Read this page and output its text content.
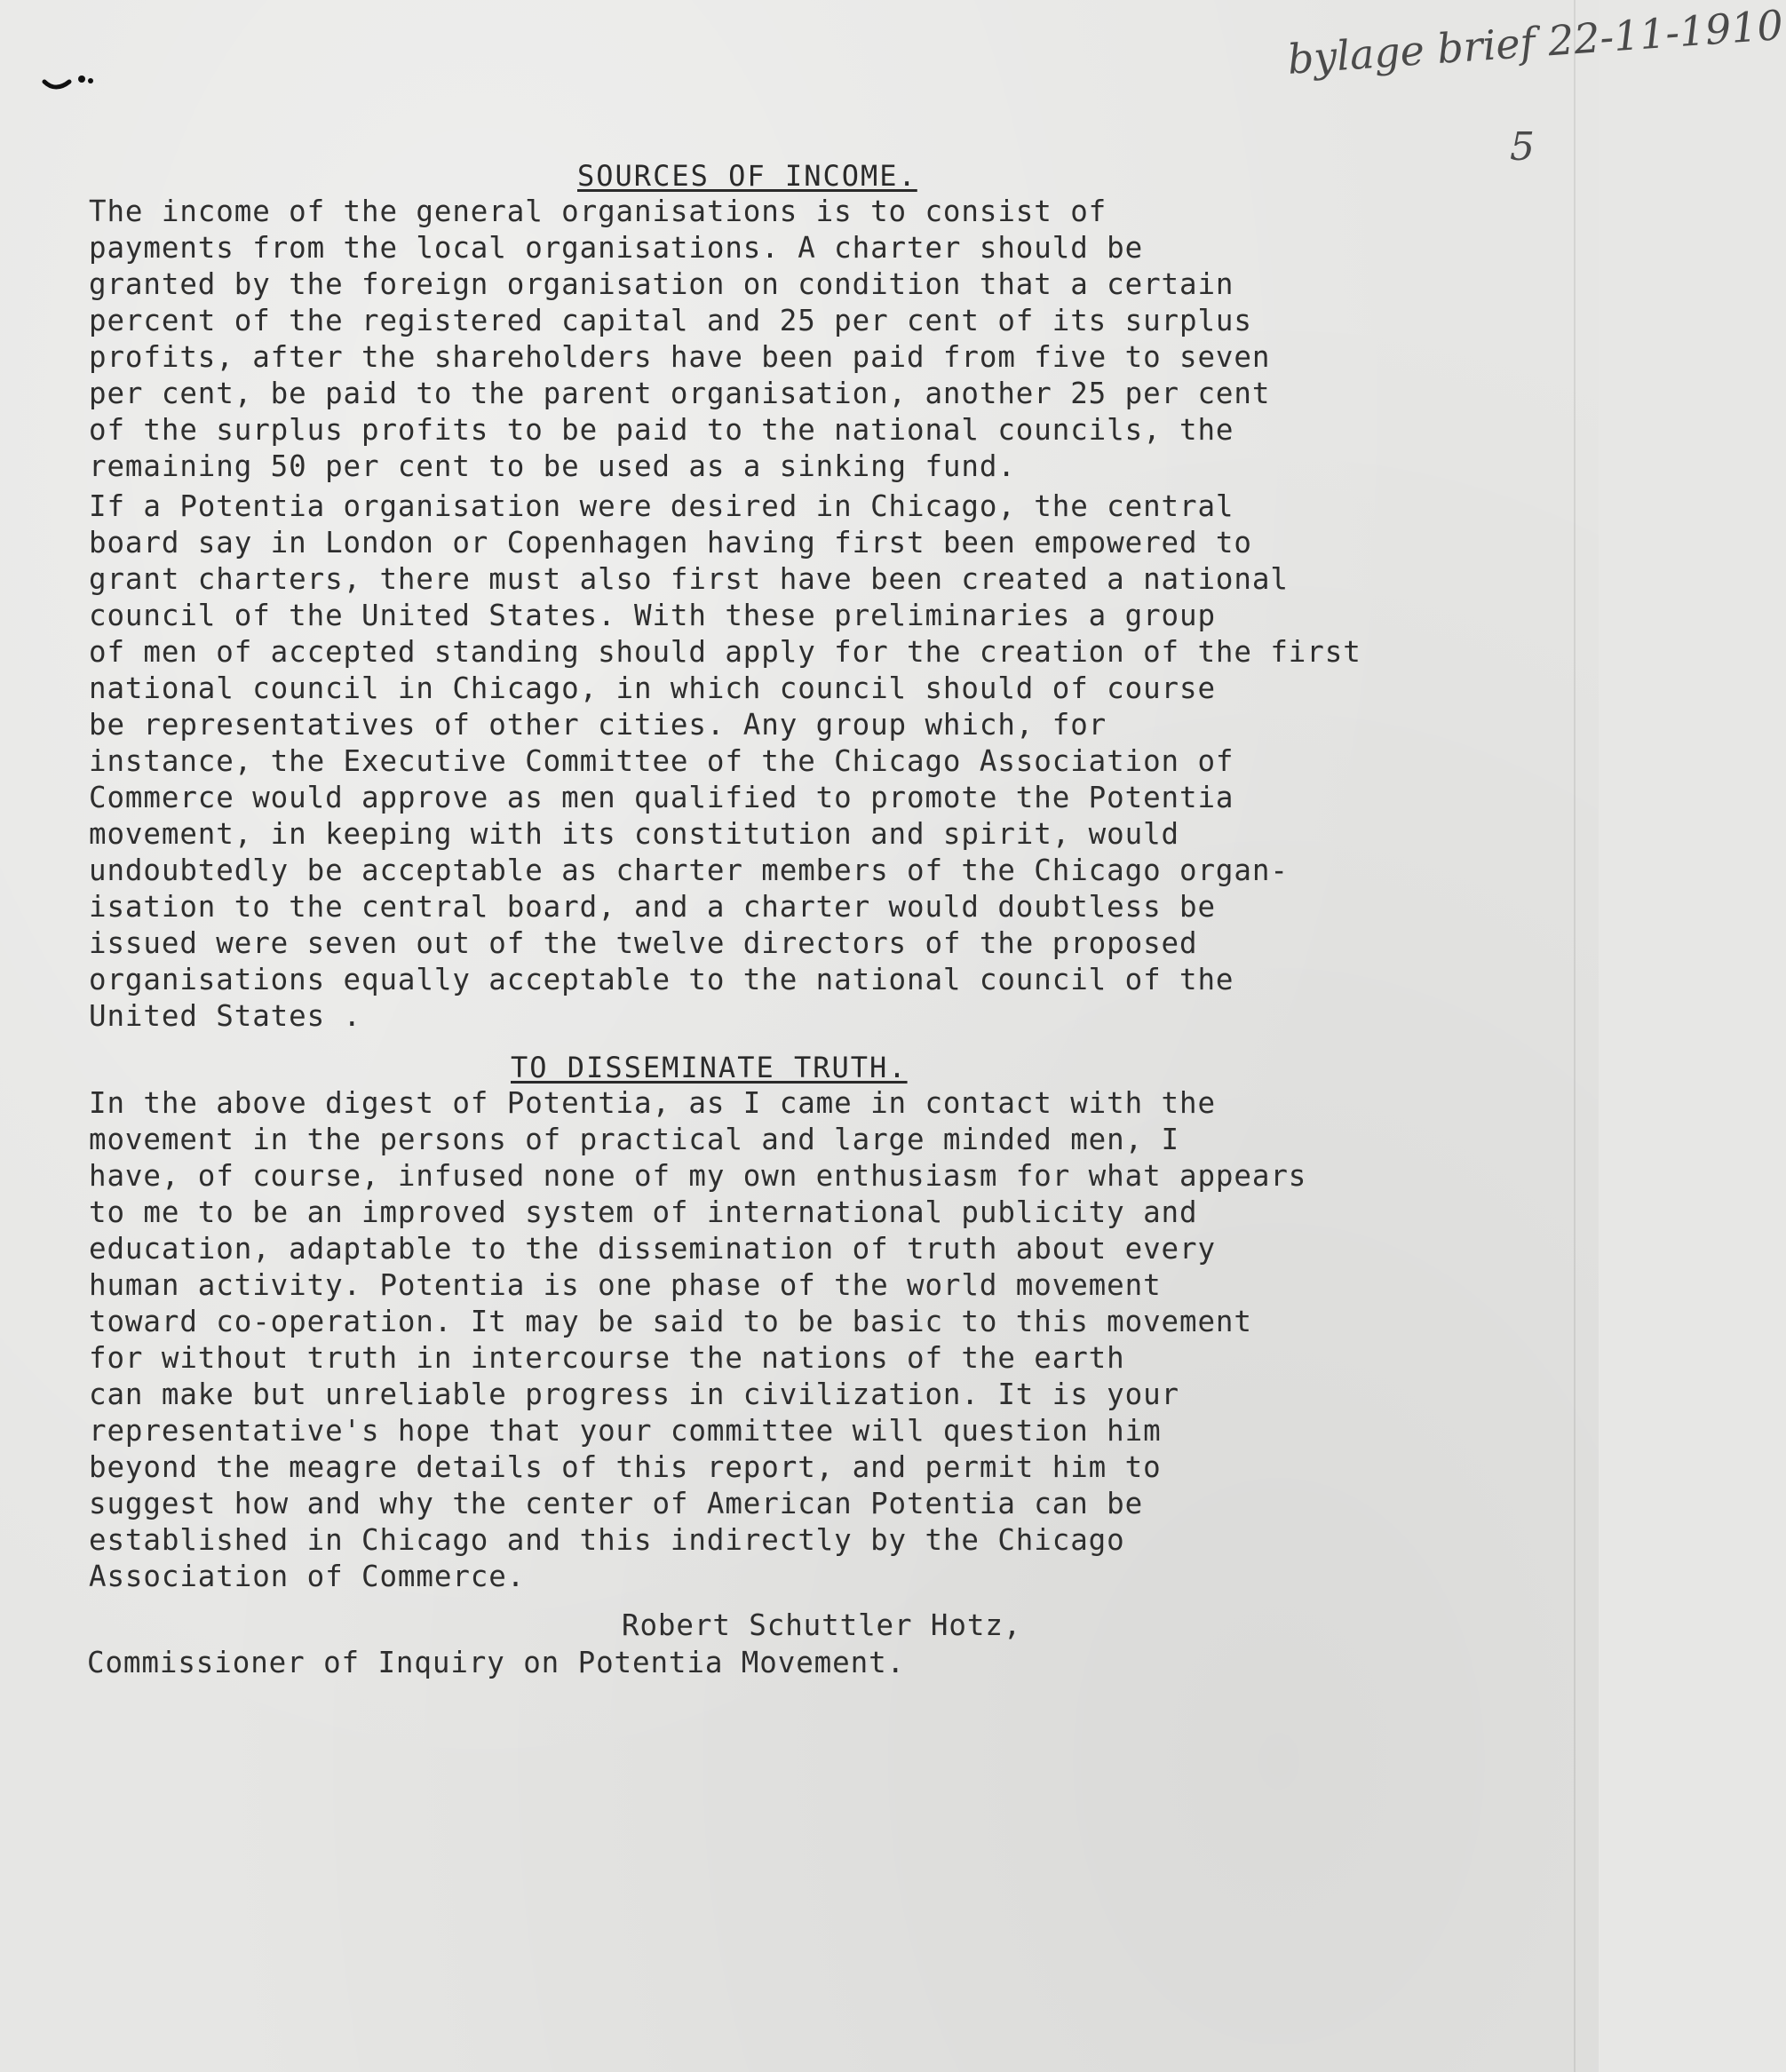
bylage brief 22-11-1910
5
SOURCES OF INCOME.
The income of the general organisations is to consist of
payments from the local organisations. A charter should be
granted by the foreign organisation on condition that a certain
percent of the registered capital and 25 per cent of its surplus
profits, after the shareholders have been paid from five to seven
per cent, be paid to the parent organisation, another 25 per cent
of the surplus profits to be paid to the national councils, the
remaining 50 per cent to be used as a sinking fund.
If a Potentia organisation were desired in Chicago, the central
board say in London or Copenhagen having first been empowered to
grant charters, there must also first have been created a national
council of the United States. With these preliminaries a group
of men of accepted standing should apply for the creation of the first
national council in Chicago, in which council should of course
be representatives of other cities. Any group which, for
instance, the Executive Committee of the Chicago Association of
Commerce would approve as men qualified to promote the Potentia
movement, in keeping with its constitution and spirit, would
undoubtedly be acceptable as charter members of the Chicago organ-
isation to the central board, and a charter would doubtless be
issued were seven out of the twelve directors of the proposed
organisations equally acceptable to the national council of the
United States .
TO DISSEMINATE TRUTH.
In the above digest of Potentia, as I came in contact with the
movement in the persons of practical and large minded men, I
have, of course, infused none of my own enthusiasm for what appears
to me to be an improved system of international publicity and
education, adaptable to the dissemination of truth about every
human activity. Potentia is one phase of the world movement
toward co-operation. It may be said to be basic to this movement
for without truth in intercourse the nations of the earth
can make but unreliable progress in civilization. It is your
representative's hope that your committee will question him
beyond the meagre details of this report, and permit him to
suggest how and why the center of American Potentia can be
established in Chicago and this indirectly by the Chicago
Association of Commerce.
Robert Schuttler Hotz,
Commissioner of Inquiry on Potentia Movement.
